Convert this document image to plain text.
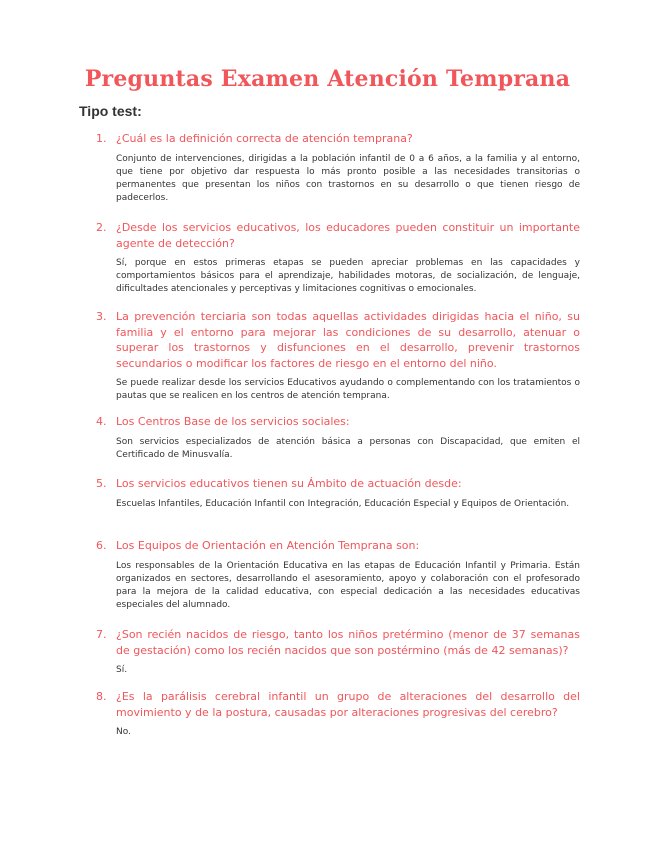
Preguntas Examen Atención Temprana
Tipo test:
1. ¿Cuál es la definición correcta de atención temprana?
Conjunto de intervenciones, dirigidas a la población infantil de 0 a 6 años, a la familia y al entorno, que tiene por objetivo dar respuesta lo más pronto posible a las necesidades transitorias o permanentes que presentan los niños con trastornos en su desarrollo o que tienen riesgo de padecerlos.
2. ¿Desde los servicios educativos, los educadores pueden constituir un importante agente de detección?
Sí, porque en estos primeras etapas se pueden apreciar problemas en las capacidades y comportamientos básicos para el aprendizaje, habilidades motoras, de socialización, de lenguaje, dificultades atencionales y perceptivas y limitaciones cognitivas o emocionales.
3. La prevención terciaria son todas aquellas actividades dirigidas hacia el niño, su familia y el entorno para mejorar las condiciones de su desarrollo, atenuar o superar los trastornos y disfunciones en el desarrollo, prevenir trastornos secundarios o modificar los factores de riesgo en el entorno del niño.
Se puede realizar desde los servicios Educativos ayudando o complementando con los tratamientos o pautas que se realicen en los centros de atención temprana.
4. Los Centros Base de los servicios sociales:
Son servicios especializados de atención básica a personas con Discapacidad, que emiten el Certificado de Minusvalía.
5. Los servicios educativos tienen su Ámbito de actuación desde:
Escuelas Infantiles, Educación Infantil con Integración, Educación Especial y Equipos de Orientación.
6. Los Equipos de Orientación en Atención Temprana son:
Los responsables de la Orientación Educativa en las etapas de Educación Infantil y Primaria. Están organizados en sectores, desarrollando el asesoramiento, apoyo y colaboración con el profesorado para la mejora de la calidad educativa, con especial dedicación a las necesidades educativas especiales del alumnado.
7. ¿Son recién nacidos de riesgo, tanto los niños pretérmino (menor de 37 semanas de gestación) como los recién nacidos que son postérmino (más de 42 semanas)?
Sí.
8. ¿Es la parálisis cerebral infantil un grupo de alteraciones del desarrollo del movimiento y de la postura, causadas por alteraciones progresivas del cerebro?
No.
